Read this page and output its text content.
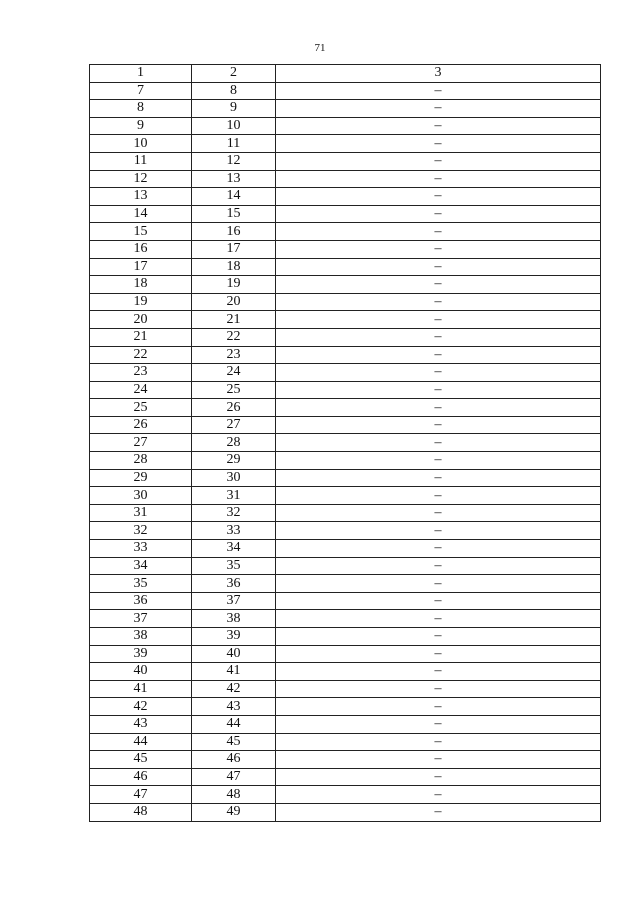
71
1	2	3
7	8	–
8	9	–
9	10	–
10	11	–
11	12	–
12	13	–
13	14	–
14	15	–
15	16	–
16	17	–
17	18	–
18	19	–
19	20	–
20	21	–
21	22	–
22	23	–
23	24	–
24	25	–
25	26	–
26	27	–
27	28	–
28	29	–
29	30	–
30	31	–
31	32	–
32	33	–
33	34	–
34	35	–
35	36	–
36	37	–
37	38	–
38	39	–
39	40	–
40	41	–
41	42	–
42	43	–
43	44	–
44	45	–
45	46	–
46	47	–
47	48	–
48	49	–
